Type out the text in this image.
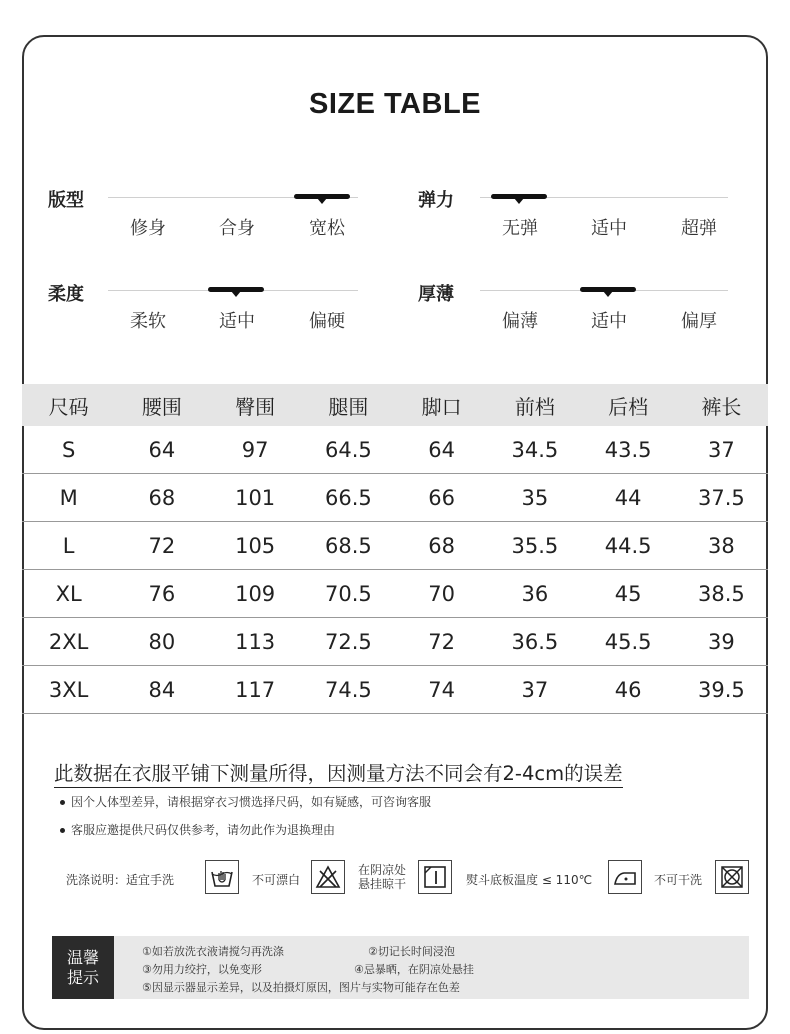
SIZE TABLE
版型
修身	合身	宽松
弹力
无弹	适中	超弹
柔度
柔软	适中	偏硬
厚薄
偏薄	适中	偏厚
尺码	腰围	臀围	腿围	脚口	前档	后档	裤长
S	64	97	64.5	64	34.5	43.5	37
M	68	101	66.5	66	35	44	37.5
L	72	105	68.5	68	35.5	44.5	38
XL	76	109	70.5	70	36	45	38.5
2XL	80	113	72.5	72	36.5	45.5	39
3XL	84	117	74.5	74	37	46	39.5
此数据在衣服平铺下测量所得，因测量方法不同会有2-4cm的误差
因个人体型差异，请根据穿衣习惯选择尺码，如有疑感，可咨询客服
客服应邀提供尺码仅供参考，请勿此作为退换理由
洗涤说明：适宜手洗	不可漂白
在阴凉处
悬挂晾干	熨斗底板温度 ≤ 110℃	不可干洗
温馨
提示
①如若放洗衣液请搅匀再洗涤	②切记长时间浸泡
③勿用力绞拧，以免变形	④忌暴晒，在阴凉处悬挂
⑤因显示器显示差异，以及拍摄灯原因，图片与实物可能存在色差
